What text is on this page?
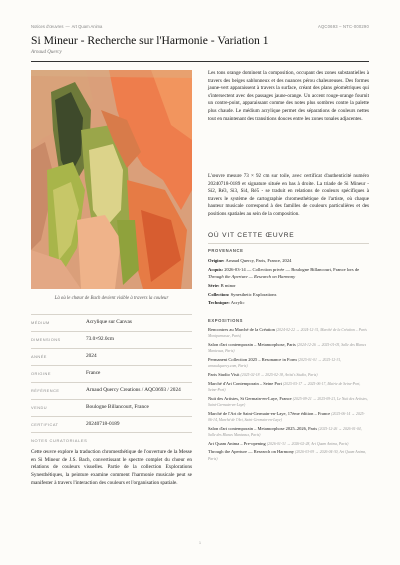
Notices d'œuvres — Art Quam Anima	AQC0693 – NTC-000290
Si Mineur - Recherche sur l'Harmonie - Variation 1
Arnaud Quercy
Là où le chœur de Bach devient visible à travers la couleur
MÉDIUM	Acrylique sur Canvas
DIMENSIONS	73.0×92.0cm
ANNÉE	2024
ORIGINE	France
RÉFÉRENCE	Arnaud Quercy Creations / AQC0693 / 2024
VENDU	Boulogne Billancourt, France
CERTIFICAT	20240718-0189
NOTES CURATORIALES

Cette œuvre explore la traduction chromesthétique de l'ouverture de la Messe en Si Mineur de J.S. Bach, convertissant le spectre complet du chœur en relations de couleurs visuelles. Partie de la collection Explorations Synesthétiques, la peinture examine comment l'harmonie musicale peut se manifester à travers l'interaction des couleurs et l'organisation spatiale.

Les tons orange dominent la composition, occupant des zones substantielles à travers des beiges sablonneux et des nuances pérou chaleureuses. Des formes jaune-vert apparaissent à travers la surface, créant des plans géométriques qui s'intersectent avec des passages jaune-orange. Un accent rouge-orange fournit un contre-point, apparaissant comme des notes plus sombres contre la palette plus chaude. Le médium acrylique permet des séparations de couleurs nettes tout en maintenant des transitions douces entre les zones tonales adjacentes.

L'œuvre mesure 73 × 92 cm sur toile, avec certificat d'authenticité numéro 20240718-0189 et signature située en bas à droite. La triade de Si Mineur - Si2, Ré3, Si3, Si4, Ré5 - se traduit en relations de couleurs spécifiques à travers le système de cartographie chromesthétique de l'artiste, où chaque hauteur musicale correspond à des familles de couleurs particulières et des positions spatiales au sein de la composition.

OÙ VIT CETTE ŒUVRE
PROVENANCE
Origine: Arnaud Quercy, Paris, France, 2024
Acquis: 2026-03-14 — Collection privée — Boulogne Billancourt, France lors de Through the Aperture — Research on Harmony
Série: B minor
Collection: Synesthetic Explorations
Technique: Acrylic
EXPOSITIONS
Rencontres au Marché de la Création (2024-02-22 → 2024-12-31, Marché de la Création – Paris Montparnasse, Paris)
Salon d'art contemporain – Metamorphose, Paris (2024-12-26 → 2025-01-05, Salle des Blancs Manteaux, Paris)
Permanent Collection 2025 – Resonance in Form (2025-01-01 → 2025-12-31, arnaudquercy.com, Paris)
Paris Studio Visit (2025-02-18 → 2025-02-18, Artist's Studio, Paris)
Marché d'Art Contemporain – Seine Port (2025-05-17 → 2025-06-17, Mairie de Seine-Port, Seine-Port)
Nuit des Artistes, St Germain-en-Laye, France (2025-09-21 → 2025-09-21, Le Nuit des Artistes, Saint-Germain-en-Laye)
Marché de l'Art de Saint-Germain-en-Laye, 17ème édition – France (2025-06-14 → 2025-06-14, Marché de l'Art, Saint-Germain-en-Laye)
Salon d'art contemporain – Metamorphose 2025–2026, Paris (2025-12-26 → 2026-01-04, Salle des Blancs Manteaux, Paris)
Art Quam Anima – Pre-opening (2026-01-31 → 2026-02-28, Art Quam Anima, Paris)
Through the Aperture — Research on Harmony (2026-03-09 → 2026-04-30, Art Quam Anima, Paris)
1
